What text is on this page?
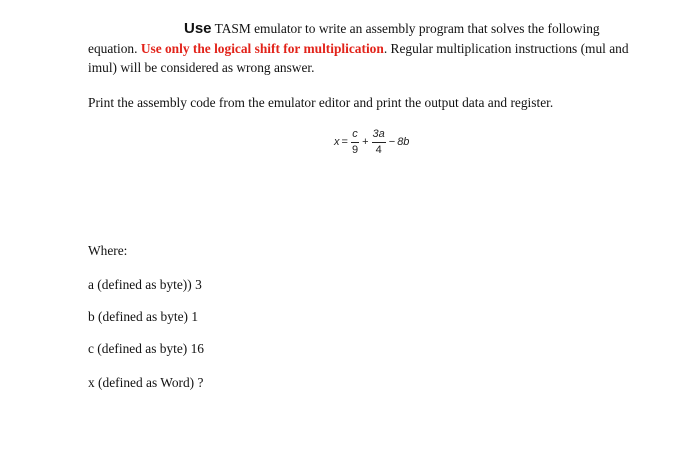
Use TASM emulator to write an assembly program that solves the following
equation. Use only the logical shift for multiplication. Regular multiplication instructions (mul and
imul) will be considered as wrong answer.
Print the assembly code from the emulator editor and print the output data and register.
$x = \frac{c}{9} + \frac{3a}{4} - 8b$
Where:
a (defined as byte)) 3
b (defined as byte) 1
c (defined as byte) 16
x (defined as Word) ?
